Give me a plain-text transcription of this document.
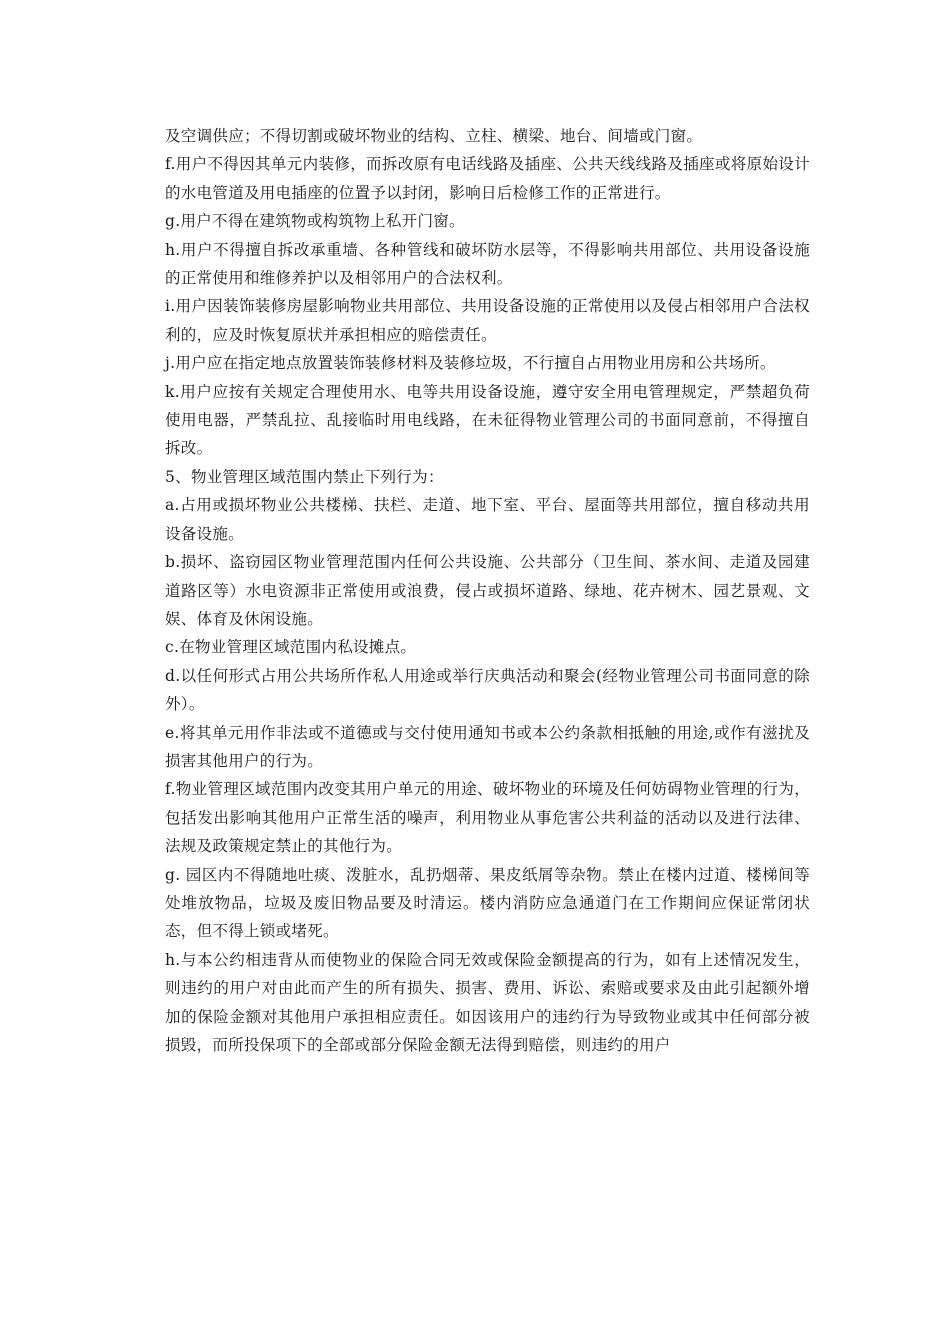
及空调供应；不得切割或破坏物业的结构、立柱、横梁、地台、间墙或门窗。

f.用户不得因其单元内装修，而拆改原有电话线路及插座、公共天线线路及插座或将原始设计的水电管道及用电插座的位置予以封闭，影响日后检修工作的正常进行。

g.用户不得在建筑物或构筑物上私开门窗。

h.用户不得擅自拆改承重墙、各种管线和破坏防水层等，不得影响共用部位、共用设备设施的正常使用和维修养护以及相邻用户的合法权利。

i.用户因装饰装修房屋影响物业共用部位、共用设备设施的正常使用以及侵占相邻用户合法权利的，应及时恢复原状并承担相应的赔偿责任。

j.用户应在指定地点放置装饰装修材料及装修垃圾，不行擅自占用物业用房和公共场所。

k.用户应按有关规定合理使用水、电等共用设备设施，遵守安全用电管理规定，严禁超负荷使用电器，严禁乱拉、乱接临时用电线路，在未征得物业管理公司的书面同意前，不得擅自拆改。

5、物业管理区域范围内禁止下列行为：

a.占用或损坏物业公共楼梯、扶栏、走道、地下室、平台、屋面等共用部位，擅自移动共用设备设施。

b.损坏、盗窃园区物业管理范围内任何公共设施、公共部分（卫生间、茶水间、走道及园建道路区等）水电资源非正常使用或浪费，侵占或损坏道路、绿地、花卉树木、园艺景观、文娱、体育及休闲设施。

c.在物业管理区域范围内私设摊点。

d.以任何形式占用公共场所作私人用途或举行庆典活动和聚会(经物业管理公司书面同意的除外）。

e.将其单元用作非法或不道德或与交付使用通知书或本公约条款相抵触的用途,或作有滋扰及损害其他用户的行为。

f.物业管理区域范围内改变其用户单元的用途、破坏物业的环境及任何妨碍物业管理的行为，包括发出影响其他用户正常生活的噪声，利用物业从事危害公共利益的活动以及进行法律、法规及政策规定禁止的其他行为。

g. 园区内不得随地吐痰、泼脏水，乱扔烟蒂、果皮纸屑等杂物。禁止在楼内过道、楼梯间等处堆放物品，垃圾及废旧物品要及时清运。楼内消防应急通道门在工作期间应保证常闭状态，但不得上锁或堵死。

h.与本公约相违背从而使物业的保险合同无效或保险金额提高的行为，如有上述情况发生，则违约的用户对由此而产生的所有损失、损害、费用、诉讼、索赔或要求及由此引起额外增加的保险金额对其他用户承担相应责任。如因该用户的违约行为导致物业或其中任何部分被损毁，而所投保项下的全部或部分保险金额无法得到赔偿，则违约的用户
